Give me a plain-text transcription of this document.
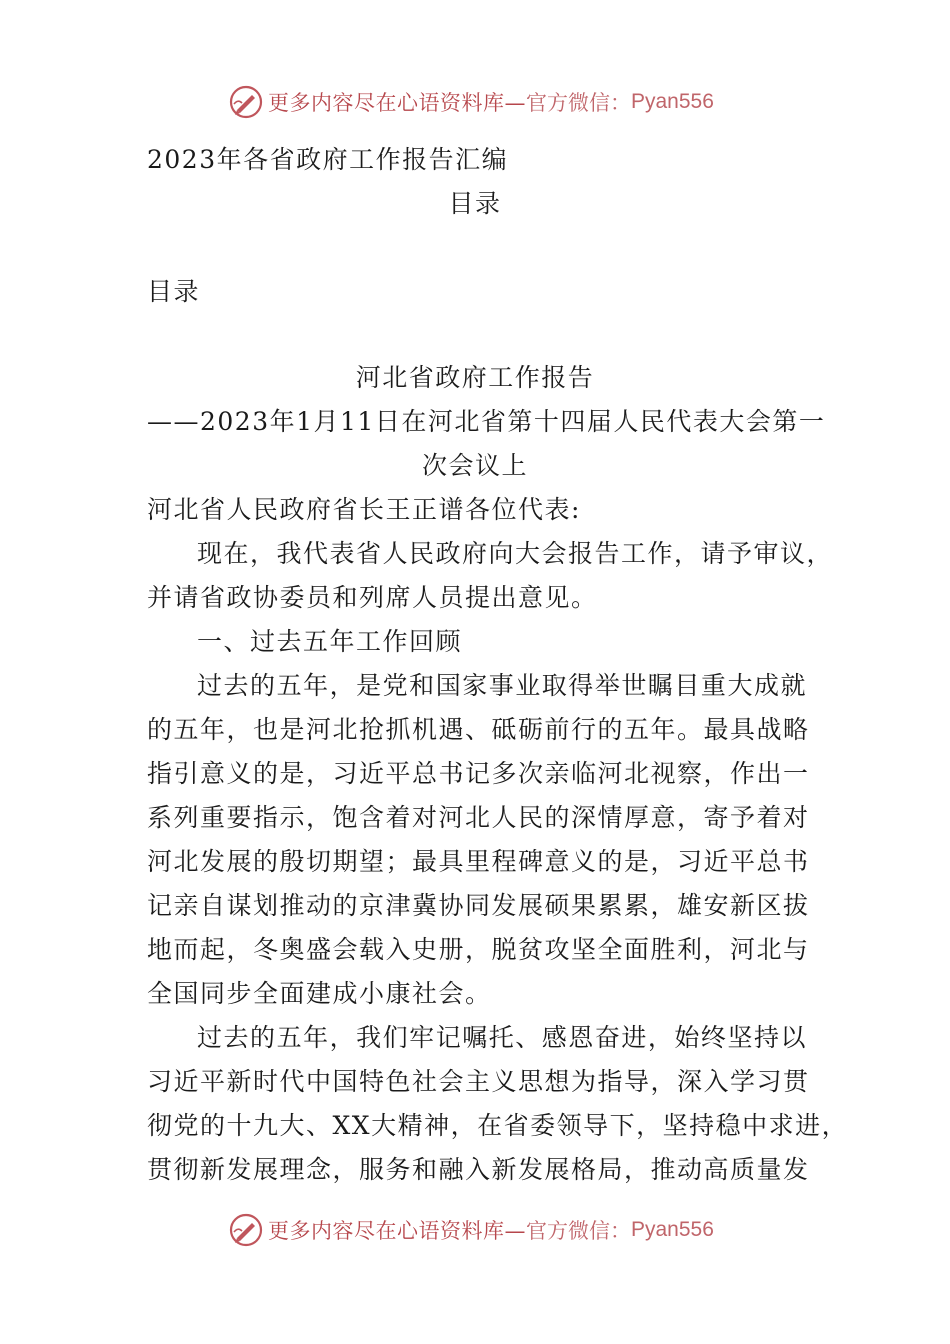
更多内容尽在心语资料库— 官方微信： Pyan556
2023年各省政府工作报告汇编
目录
目录
河北省政府工作报告
——2023年1月11日在河北省第十四届人民代表大会第一
次会议上
河北省人民政府省长王正谱各位代表:
现在，我代表省人民政府向大会报告工作，请予审议，
并请省政协委员和列席人员提出意见。
一、过去五年工作回顾
过去的五年，是党和国家事业取得举世瞩目重大成就
的五年，也是河北抢抓机遇、砥砺前行的五年。最具战略
指引意义的是，习近平总书记多次亲临河北视察，作出一
系列重要指示，饱含着对河北人民的深情厚意，寄予着对
河北发展的殷切期望；最具里程碑意义的是，习近平总书
记亲自谋划推动的京津冀协同发展硕果累累，雄安新区拔
地而起，冬奥盛会载入史册，脱贫攻坚全面胜利，河北与
全国同步全面建成小康社会。
过去的五年，我们牢记嘱托、感恩奋进，始终坚持以
习近平新时代中国特色社会主义思想为指导，深入学习贯
彻党的十九大、XX大精神，在省委领导下，坚持稳中求进，
贯彻新发展理念，服务和融入新发展格局，推动高质量发
更多内容尽在心语资料库— 官方微信： Pyan556
